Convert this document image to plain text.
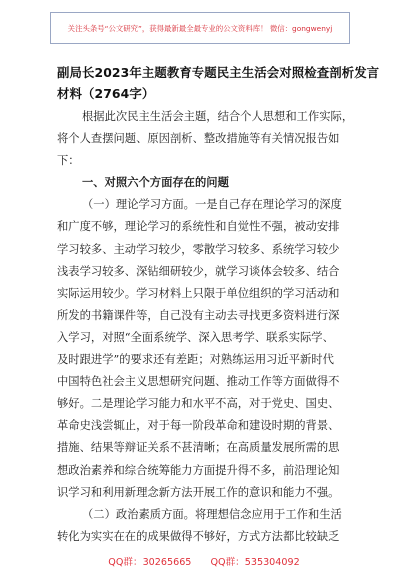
关注头条号“公文研究”，获得最新最全最专业的公文资料库！ 微信：gongwenyj
副局长2023年主题教育专题民主生活会对照检查剖析发言
材料（2764字）
根据此次民主生活会主题，结合个人思想和工作实际，
将个人查摆问题、原因剖析、整改措施等有关情况报告如
下：
一、对照六个方面存在的问题
（一）理论学习方面。一是自己存在理论学习的深度
和广度不够，理论学习的系统性和自觉性不强，被动安排
学习较多、主动学习较少，零散学习较多、系统学习较少
浅表学习较多、深钻细研较少，就学习谈体会较多、结合
实际运用较少。学习材料上只限于单位组织的学习活动和
所发的书籍课件等，自己没有主动去寻找更多资料进行深
入学习，对照“全面系统学、深入思考学、联系实际学、
及时跟进学”的要求还有差距；对熟练运用习近平新时代
中国特色社会主义思想研究问题、推动工作等方面做得不
够好。二是理论学习能力和水平不高，对于党史、国史、
革命史浅尝辄止，对于每一阶段革命和建设时期的背景、
措施、结果等辩证关系不甚清晰；在高质量发展所需的思
想政治素养和综合统筹能力方面提升得不多，前沿理论知
识学习和利用新理念新方法开展工作的意识和能力不强。
（二）政治素质方面。将理想信念应用于工作和生活
转化为实实在在的成果做得不够好，方式方法都比较缺乏
QQ群：30265665 QQ群：535304092
